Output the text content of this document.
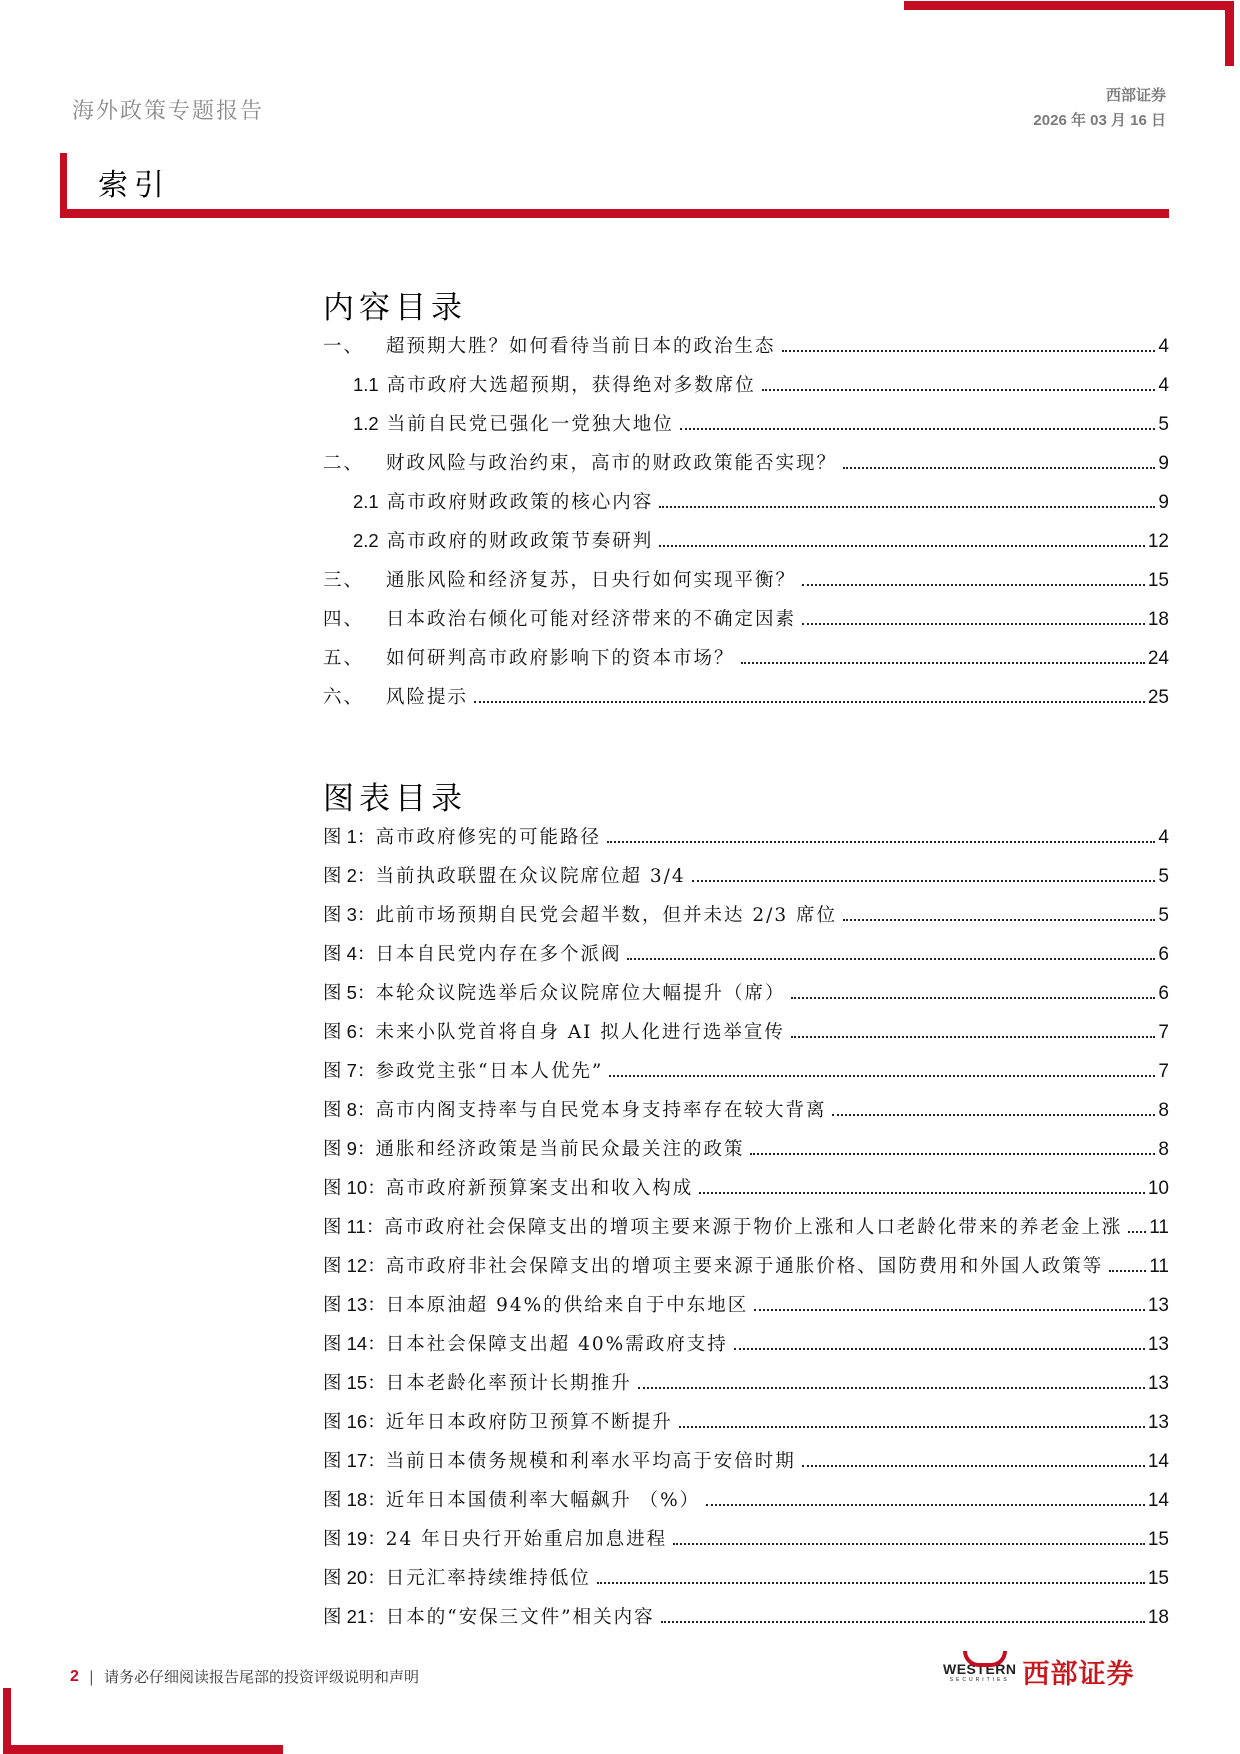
海外政策专题报告
西部证券
2026 年 03 月 16 日
索引
内容目录
一、 超预期大胜？如何看待当前日本的政治生态	4
1.1 高市政府大选超预期，获得绝对多数席位	4
1.2 当前自民党已强化一党独大地位	5
二、 财政风险与政治约束，高市的财政政策能否实现？	9
2.1 高市政府财政政策的核心内容	9
2.2 高市政府的财政政策节奏研判	12
三、 通胀风险和经济复苏，日央行如何实现平衡？	15
四、 日本政治右倾化可能对经济带来的不确定因素	18
五、 如何研判高市政府影响下的资本市场？	24
六、 风险提示	25
图表目录
图 1：高市政府修宪的可能路径	4
图 2：当前执政联盟在众议院席位超 3/4	5
图 3：此前市场预期自民党会超半数，但并未达 2/3 席位	5
图 4：日本自民党内存在多个派阀	6
图 5：本轮众议院选举后众议院席位大幅提升（席）	6
图 6：未来小队党首将自身 AI 拟人化进行选举宣传	7
图 7：参政党主张“日本人优先”	7
图 8：高市内阁支持率与自民党本身支持率存在较大背离	8
图 9：通胀和经济政策是当前民众最关注的政策	8
图 10：高市政府新预算案支出和收入构成	10
图 11：高市政府社会保障支出的增项主要来源于物价上涨和人口老龄化带来的养老金上涨 11
图 12：高市政府非社会保障支出的增项主要来源于通胀价格、国防费用和外国人政策等 11
图 13：日本原油超 94%的供给来自于中东地区	13
图 14：日本社会保障支出超 40%需政府支持	13
图 15：日本老龄化率预计长期推升	13
图 16：近年日本政府防卫预算不断提升	13
图 17：当前日本债务规模和利率水平均高于安倍时期	14
图 18：近年日本国债利率大幅飙升 （%）	14
图 19：24 年日央行开始重启加息进程	15
图 20：日元汇率持续维持低位	15
图 21：日本的“安保三文件”相关内容	18
2 | 请务必仔细阅读报告尾部的投资评级说明和声明	WESTERN
SECURITIES 西部证券
